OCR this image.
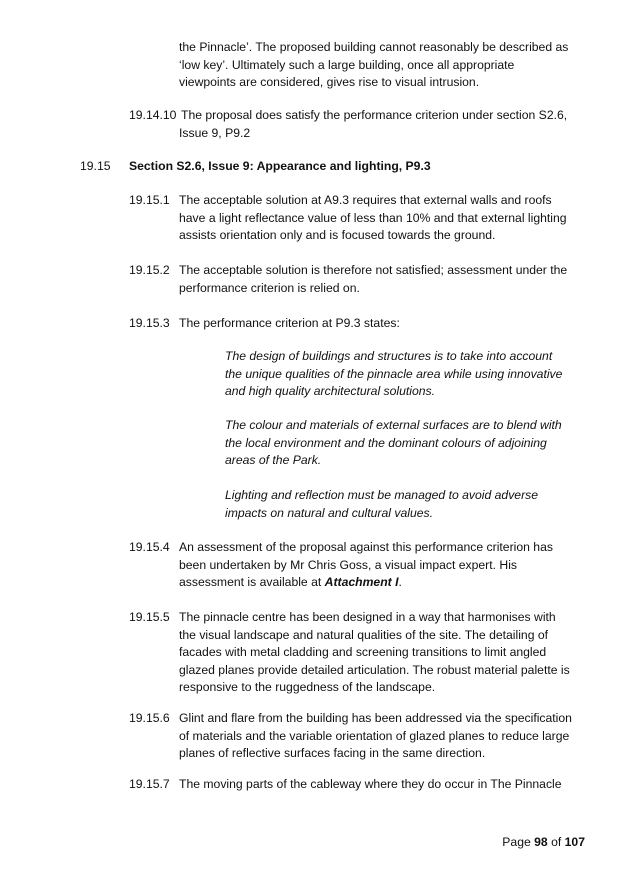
the Pinnacle’. The proposed building cannot reasonably be described as
‘low key’. Ultimately such a large building, once all appropriate
viewpoints are considered, gives rise to visual intrusion.
19.14.10 The proposal does satisfy the performance criterion under section S2.6,
Issue 9, P9.2
19.15 Section S2.6, Issue 9: Appearance and lighting, P9.3
19.15.1 The acceptable solution at A9.3 requires that external walls and roofs
have a light reflectance value of less than 10% and that external lighting
assists orientation only and is focused towards the ground.
19.15.2 The acceptable solution is therefore not satisfied; assessment under the
performance criterion is relied on.
19.15.3 The performance criterion at P9.3 states:
The design of buildings and structures is to take into account
the unique qualities of the pinnacle area while using innovative
and high quality architectural solutions.
The colour and materials of external surfaces are to blend with
the local environment and the dominant colours of adjoining
areas of the Park.
Lighting and reflection must be managed to avoid adverse
impacts on natural and cultural values.
19.15.4 An assessment of the proposal against this performance criterion has
been undertaken by Mr Chris Goss, a visual impact expert. His
assessment is available at Attachment I.
19.15.5 The pinnacle centre has been designed in a way that harmonises with
the visual landscape and natural qualities of the site. The detailing of
facades with metal cladding and screening transitions to limit angled
glazed planes provide detailed articulation. The robust material palette is
responsive to the ruggedness of the landscape.
19.15.6 Glint and flare from the building has been addressed via the specification
of materials and the variable orientation of glazed planes to reduce large
planes of reflective surfaces facing in the same direction.
19.15.7 The moving parts of the cableway where they do occur in The Pinnacle
Page 98 of 107
